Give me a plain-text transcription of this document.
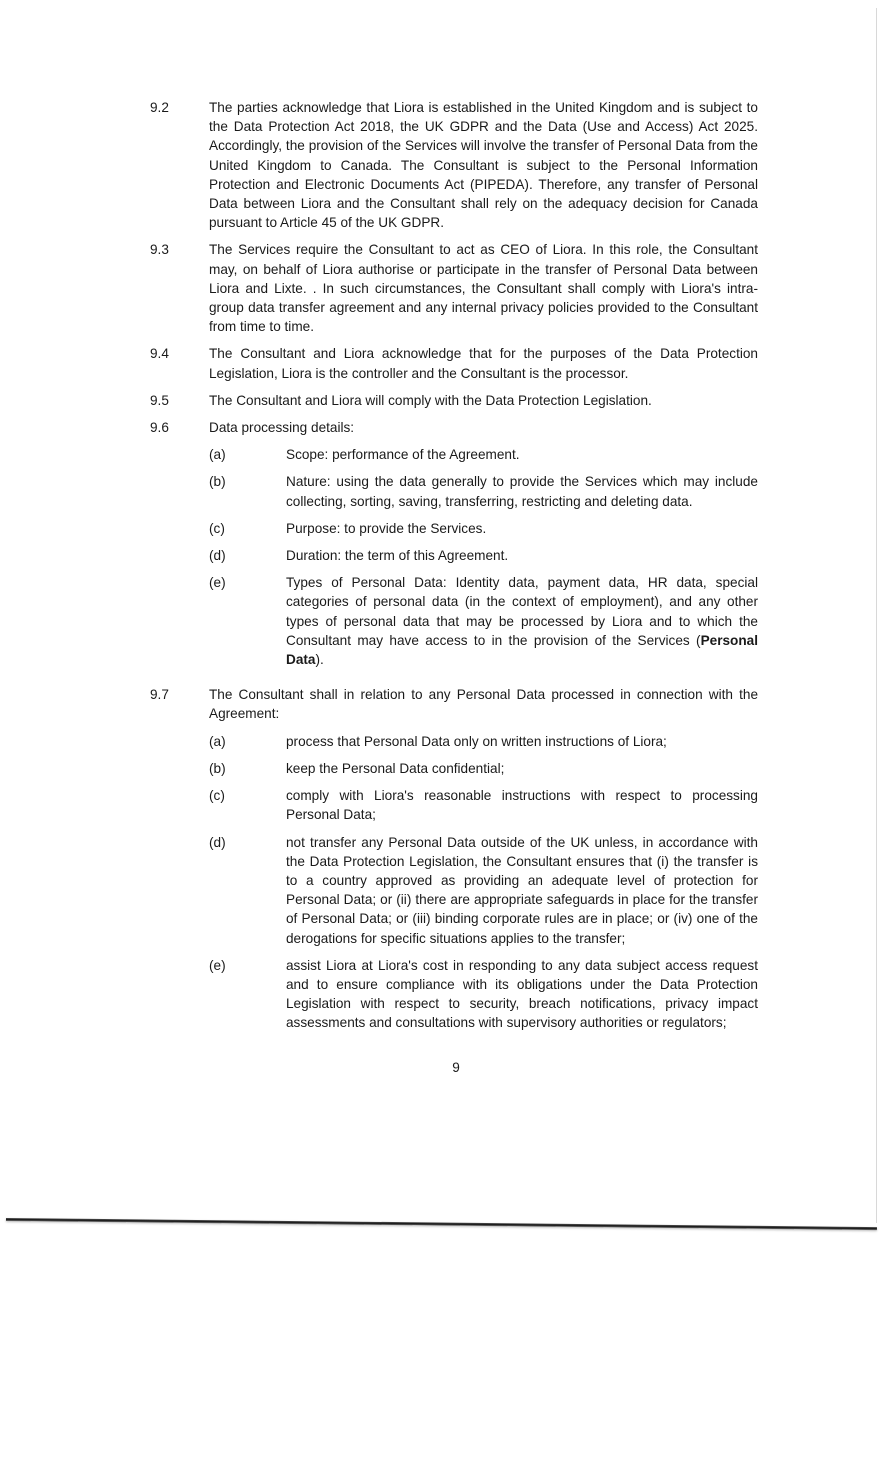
9.2	The parties acknowledge that Liora is established in the United Kingdom and is subject to the Data Protection Act 2018, the UK GDPR and the Data (Use and Access) Act 2025. Accordingly, the provision of the Services will involve the transfer of Personal Data from the United Kingdom to Canada. The Consultant is subject to the Personal Information Protection and Electronic Documents Act (PIPEDA). Therefore, any transfer of Personal Data between Liora and the Consultant shall rely on the adequacy decision for Canada pursuant to Article 45 of the UK GDPR.
9.3	The Services require the Consultant to act as CEO of Liora. In this role, the Consultant may, on behalf of Liora authorise or participate in the transfer of Personal Data between Liora and Lixte. . In such circumstances, the Consultant shall comply with Liora's intra-group data transfer agreement and any internal privacy policies provided to the Consultant from time to time.
9.4	The Consultant and Liora acknowledge that for the purposes of the Data Protection Legislation, Liora is the controller and the Consultant is the processor.
9.5	The Consultant and Liora will comply with the Data Protection Legislation.
9.6	Data processing details:
(a)	Scope: performance of the Agreement.
(b)	Nature: using the data generally to provide the Services which may include collecting, sorting, saving, transferring, restricting and deleting data.
(c)	Purpose: to provide the Services.
(d)	Duration: the term of this Agreement.
(e)	Types of Personal Data: Identity data, payment data, HR data, special categories of personal data (in the context of employment), and any other types of personal data that may be processed by Liora and to which the Consultant may have access to in the provision of the Services (Personal Data).
9.7	The Consultant shall in relation to any Personal Data processed in connection with the Agreement:
(a)	process that Personal Data only on written instructions of Liora;
(b)	keep the Personal Data confidential;
(c)	comply with Liora's reasonable instructions with respect to processing Personal Data;
(d)	not transfer any Personal Data outside of the UK unless, in accordance with the Data Protection Legislation, the Consultant ensures that (i) the transfer is to a country approved as providing an adequate level of protection for Personal Data; or (ii) there are appropriate safeguards in place for the transfer of Personal Data; or (iii) binding corporate rules are in place; or (iv) one of the derogations for specific situations applies to the transfer;
(e)	assist Liora at Liora's cost in responding to any data subject access request and to ensure compliance with its obligations under the Data Protection Legislation with respect to security, breach notifications, privacy impact assessments and consultations with supervisory authorities or regulators;
9
